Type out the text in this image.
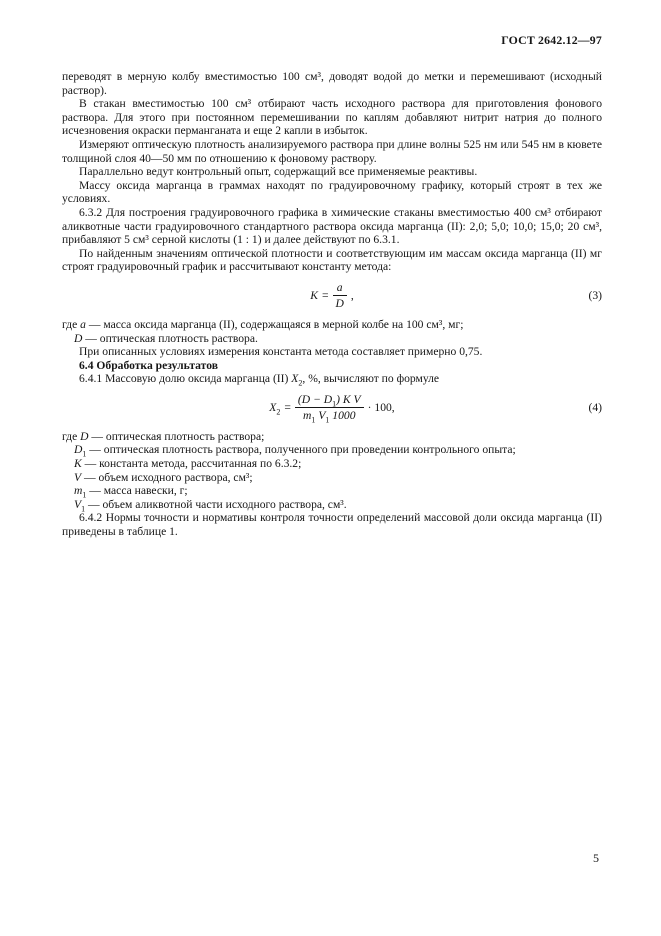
ГОСТ 2642.12—97

переводят в мерную колбу вместимостью 100 см³, доводят водой до метки и перемешивают (исходный раствор).

В стакан вместимостью 100 см³ отбирают часть исходного раствора для приготовления фонового раствора. Для этого при постоянном перемешивании по каплям добавляют нитрит натрия до полного исчезновения окраски перманганата и еще 2 капли в избыток.

Измеряют оптическую плотность анализируемого раствора при длине волны 525 нм или 545 нм в кювете толщиной слоя 40—50 мм по отношению к фоновому раствору.

Параллельно ведут контрольный опыт, содержащий все применяемые реактивы.

Массу оксида марганца в граммах находят по градуировочному графику, который строят в тех же условиях.

6.3.2 Для построения градуировочного графика в химические стаканы вместимостью 400 см³ отбирают аликвотные части градуировочного стандартного раствора оксида марганца (II): 2,0; 5,0; 10,0; 15,0; 20 см³, прибавляют 5 см³ серной кислоты (1 : 1) и далее действуют по 6.3.1.

По найденным значениям оптической плотности и соответствующим им массам оксида марганца (II) мг строят градуировочный график и рассчитывают константу метода:

$K = \frac{a}{D}$ ,	(3)

где a — масса оксида марганца (II), содержащаяся в мерной колбе на 100 см³, мг;

D — оптическая плотность раствора.

При описанных условиях измерения константа метода составляет примерно 0,75.

6.4 Обработка результатов

6.4.1 Массовую долю оксида марганца (II) $X_2$, %, вычисляют по формуле

$X_2 = \frac{(D - D_1) K V}{m_1 V_1 1000} \cdot 100$,	(4)

где D — оптическая плотность раствора;

$D_1$ — оптическая плотность раствора, полученного при проведении контрольного опыта;

K — константа метода, рассчитанная по 6.3.2;

V — объем исходного раствора, см³;

$m_1$ — масса навески, г;

$V_1$ — объем аликвотной части исходного раствора, см³.

6.4.2 Нормы точности и нормативы контроля точности определений массовой доли оксида марганца (II) приведены в таблице 1.

5
